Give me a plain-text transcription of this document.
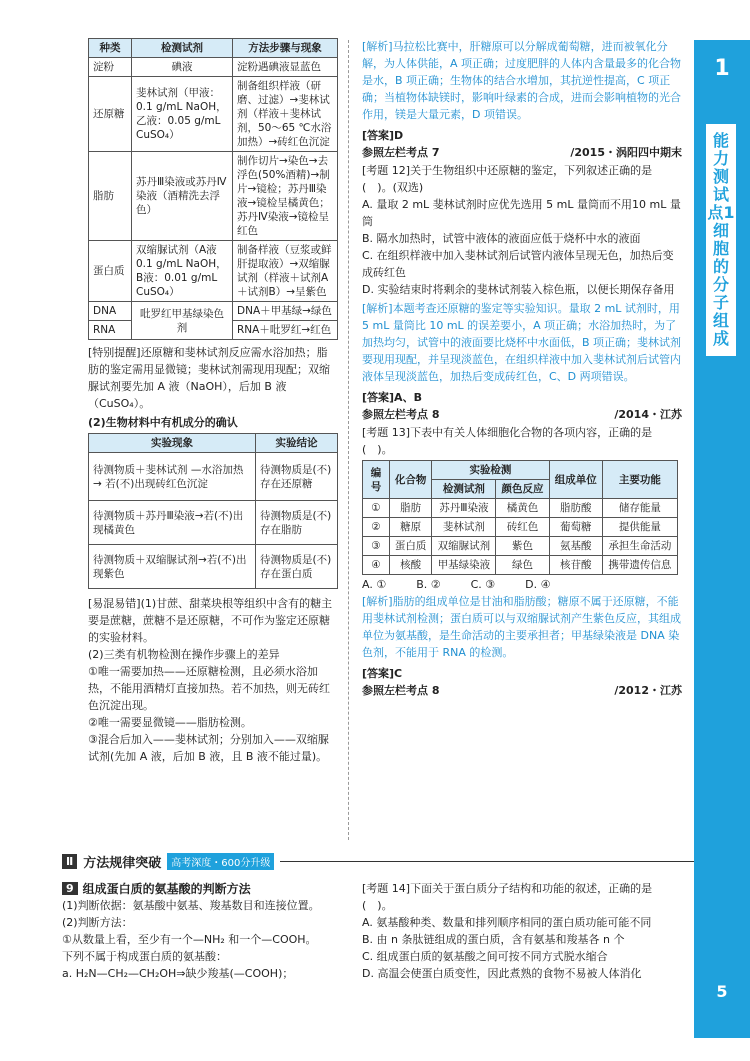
1
能力测试点1 细胞的分子组成
5
种类	检测试剂	方法步骤与现象
淀粉	碘液	淀粉遇碘液显蓝色
还原糖	斐林试剂（甲液：0.1 g/mL NaOH，乙液：0.05 g/mL CuSO₄）	制备组织样液（研磨、过滤）→斐林试剂（样液＋斐林试剂，50～65 ℃水浴加热）→砖红色沉淀
脂肪	苏丹Ⅲ染液或苏丹Ⅳ染液（酒精洗去浮色）	制作切片→染色→去浮色(50%酒精)→制片→镜检；苏丹Ⅲ染液→镜检呈橘黄色；苏丹Ⅳ染液→镜检呈红色
蛋白质	双缩脲试剂（A液0.1 g/mL NaOH，B液：0.01 g/mL CuSO₄）	制备样液（豆浆或鲜肝提取液）→双缩脲试剂（样液＋试剂A＋试剂B）→呈紫色
DNA	吡罗红甲基绿染色剂	DNA＋甲基绿→绿色
RNA		RNA＋吡罗红→红色

[特别提醒]还原糖和斐林试剂反应需水浴加热；脂肪的鉴定需用显微镜；斐林试剂需现用现配；双缩脲试剂要先加 A 液（NaOH），后加 B 液（CuSO₄）。

(2)生物材料中有机成分的确认

实验现象	实验结论
待测物质＋斐林试剂 —水浴加热→ 若(不)出现砖红色沉淀	待测物质是(不)存在还原糖
待测物质＋苏丹Ⅲ染液→若(不)出现橘黄色	待测物质是(不)存在脂肪
待测物质＋双缩脲试剂→若(不)出现紫色	待测物质是(不)存在蛋白质

[易混易错](1)甘蔗、甜菜块根等组织中含有的糖主要是蔗糖，蔗糖不是还原糖，不可作为鉴定还原糖的实验材料。

(2)三类有机物检测在操作步骤上的差异

①唯一需要加热——还原糖检测，且必须水浴加热，不能用酒精灯直接加热。若不加热，则无砖红色沉淀出现。

②唯一需要显微镜——脂肪检测。

③混合后加入——斐林试剂；分别加入——双缩脲试剂(先加 A 液，后加 B 液，且 B 液不能过量)。

[解析]马拉松比赛中，肝糖原可以分解成葡萄糖，进而被氧化分解，为人体供能，A 项正确；过度肥胖的人体内含量最多的化合物是水，B 项正确；生物体的结合水增加，其抗逆性提高，C 项正确；当植物体缺镁时，影响叶绿素的合成，进而会影响植物的光合作用，镁是大量元素，D 项错误。

[答案]D

参照左栏考点 7	/2015・涡阳四中期末

[考题 12]关于生物组织中还原糖的鉴定，下列叙述正确的是(　)。(双选)

A. 量取 2 mL 斐林试剂时应优先选用 5 mL 量筒而不用10 mL 量筒

B. 隔水加热时，试管中液体的液面应低于烧杯中水的液面

C. 在组织样液中加入斐林试剂后试管内液体呈现无色，加热后变成砖红色

D. 实验结束时将剩余的斐林试剂装入棕色瓶，以便长期保存备用

[解析]本题考查还原糖的鉴定等实验知识。量取 2 mL 试剂时，用 5 mL 量筒比 10 mL 的误差要小，A 项正确；水浴加热时，为了加热均匀，试管中的液面要比烧杯中水面低，B 项正确；斐林试剂要现用现配，并呈现淡蓝色，在组织样液中加入斐林试剂后试管内液体呈现淡蓝色，加热后变成砖红色，C、D 两项错误。

[答案]A、B

参照左栏考点 8	/2014・江苏

[考题 13]下表中有关人体细胞化合物的各项内容，正确的是(　)。

编号	化合物	实验检测		组成单位	主要功能
		检测试剂	颜色反应		
①	脂肪	苏丹Ⅲ染液	橘黄色	脂肪酸	储存能量
②	糖原	斐林试剂	砖红色	葡萄糖	提供能量
③	蛋白质	双缩脲试剂	紫色	氨基酸	承担生命活动
④	核酸	甲基绿染液	绿色	核苷酸	携带遗传信息
A. ①	B. ②	C. ③	D. ④

[解析]脂肪的组成单位是甘油和脂肪酸；糖原不属于还原糖，不能用斐林试剂检测；蛋白质可以与双缩脲试剂产生紫色反应，其组成单位为氨基酸，是生命活动的主要承担者；甲基绿染液是 DNA 染色剂，不能用于 RNA 的检测。

[答案]C

参照左栏考点 8	/2012・江苏
Ⅱ 方法规律突破	高考深度・600分升级
9 组成蛋白质的氨基酸的判断方法

(1)判断依据：氨基酸中氨基、羧基数目和连接位置。

(2)判断方法：

①从数量上看，至少有一个—NH₂ 和一个—COOH。

下列不属于构成蛋白质的氨基酸：

a. H₂N—CH₂—CH₂OH⇒缺少羧基(—COOH)；

[考题 14]下面关于蛋白质分子结构和功能的叙述，正确的是(　)。

A. 氨基酸种类、数量和排列顺序相同的蛋白质功能可能不同

B. 由 n 条肽链组成的蛋白质，含有氨基和羧基各 n 个

C. 组成蛋白质的氨基酸之间可按不同方式脱水缩合

D. 高温会使蛋白质变性，因此煮熟的食物不易被人体消化
